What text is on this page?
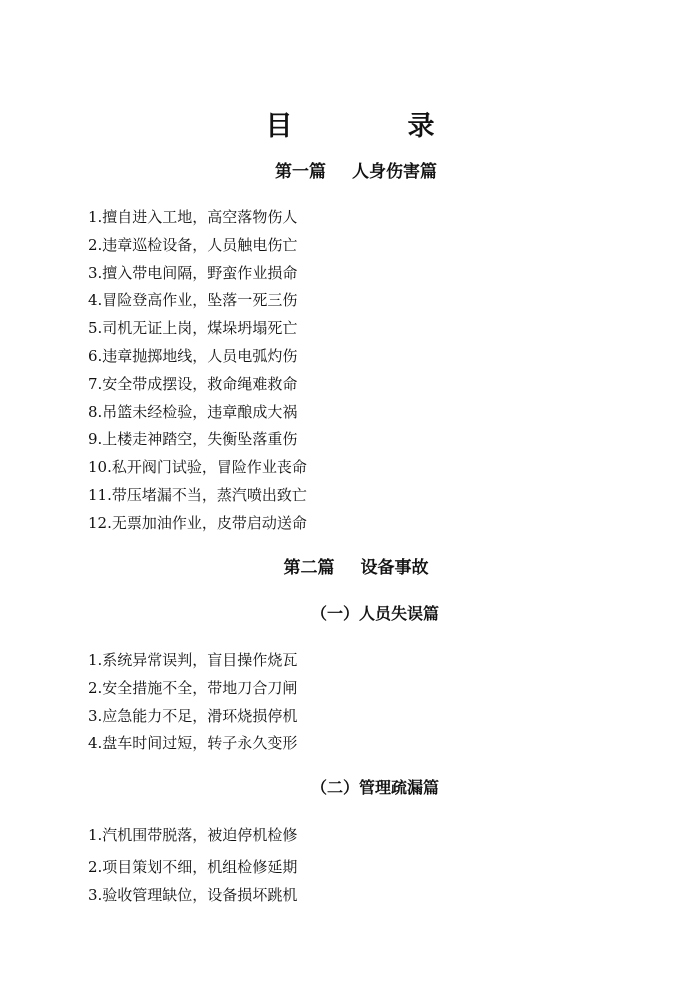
目　录
第一篇 人身伤害篇
1.擅自进入工地，高空落物伤人
2.违章巡检设备，人员触电伤亡
3.擅入带电间隔，野蛮作业损命
4.冒险登高作业，坠落一死三伤
5.司机无证上岗，煤垛坍塌死亡
6.违章抛掷地线，人员电弧灼伤
7.安全带成摆设，救命绳难救命
8.吊篮未经检验，违章酿成大祸
9.上楼走神踏空，失衡坠落重伤
10.私开阀门试验，冒险作业丧命
11.带压堵漏不当，蒸汽喷出致亡
12.无票加油作业，皮带启动送命
第二篇 设备事故
（一）人员失误篇
1.系统异常误判，盲目操作烧瓦
2.安全措施不全，带地刀合刀闸
3.应急能力不足，滑环烧损停机
4.盘车时间过短，转子永久变形
（二）管理疏漏篇
1.汽机围带脱落，被迫停机检修
2.项目策划不细，机组检修延期
3.验收管理缺位，设备损坏跳机
